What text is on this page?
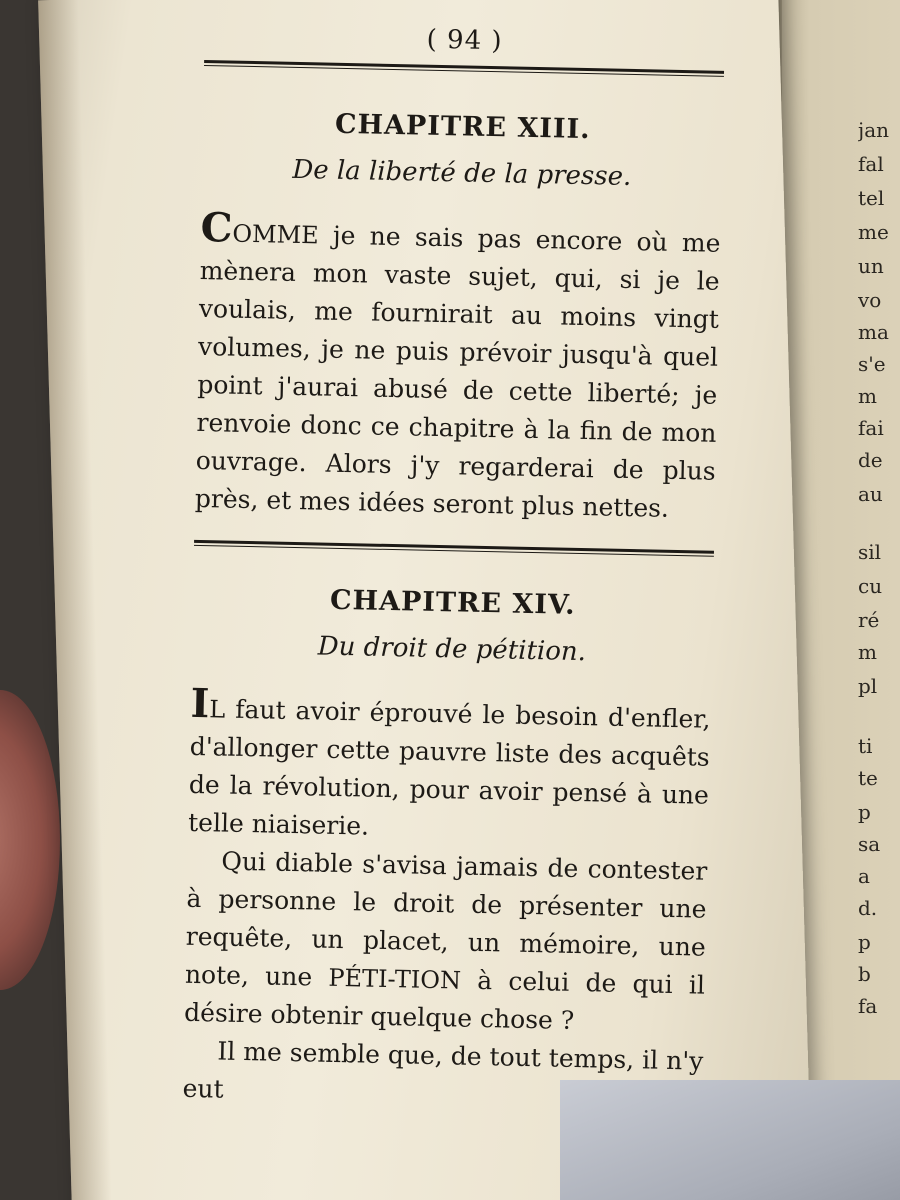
jan
fal
tel
me
un
vo
ma
s'e
m
fai
de
au
sil
cu
ré
m
pl
ti
te
p
sa
a
d.
p
b
fa
( 94 )
CHAPITRE XIII.
De la liberté de la presse.

COMME je ne sais pas encore où me mènera mon vaste sujet, qui, si je le voulais, me fournirait au moins vingt volumes, je ne puis prévoir jusqu'à quel point j'aurai abusé de cette liberté; je renvoie donc ce chapitre à la fin de mon ouvrage. Alors j'y regarderai de plus près, et mes idées seront plus nettes.

CHAPITRE XIV.
Du droit de pétition.

IL faut avoir éprouvé le besoin d'enfler, d'allonger cette pauvre liste des acquêts de la révolution, pour avoir pensé à une telle niaiserie.

Qui diable s'avisa jamais de contester à personne le droit de présenter une requête, un placet, un mémoire, une note, une PÉTI-TION à celui de qui il désire obtenir quelque chose ?

Il me semble que, de tout temps, il n'y eut
